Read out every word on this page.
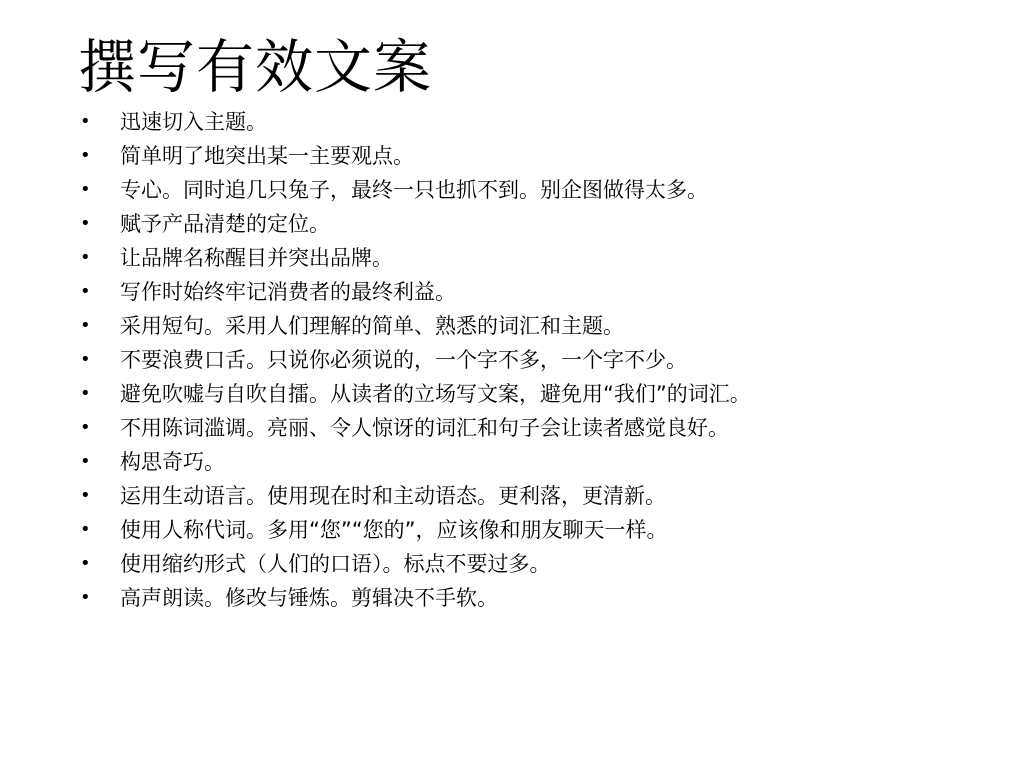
撰写有效文案
•	迅速切入主题。
•	简单明了地突出某一主要观点。
•	专心。同时追几只兔子，最终一只也抓不到。别企图做得太多。
•	赋予产品清楚的定位。
•	让品牌名称醒目并突出品牌。
•	写作时始终牢记消费者的最终利益。
•	采用短句。采用人们理解的简单、熟悉的词汇和主题。
•	不要浪费口舌。只说你必须说的，一个字不多，一个字不少。
•	避免吹嘘与自吹自擂。从读者的立场写文案，避免用“我们”的词汇。
•	不用陈词滥调。亮丽、令人惊讶的词汇和句子会让读者感觉良好。
•	构思奇巧。
•	运用生动语言。使用现在时和主动语态。更利落，更清新。
•	使用人称代词。多用“您”“您的”，应该像和朋友聊天一样。
•	使用缩约形式（人们的口语）。标点不要过多。
•	高声朗读。修改与锤炼。剪辑决不手软。
